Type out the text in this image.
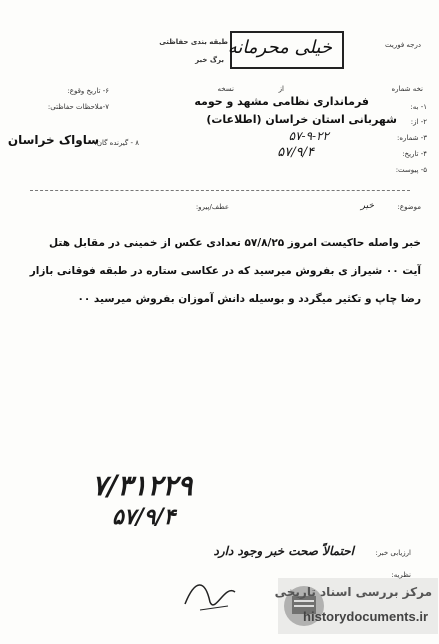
درجه فوریت
طبقه بندی حفاظتی
برگ خبر
خیلی محرمانه
نخه شماره
از
نسخه
۱- به:
فرمانداری نظامی مشهد و حومه
۲- از:
شهربانی استان خراسان (اطلاعات)
۳- شماره:
۵۷-۹-۲۲
۴- تاریخ:
۵۷/۹/۴
۵- پیوست:
۶- تاریخ وقوع:
۷-ملاحظات حفاظتی:
۸ - گیرنده گان:
ساواک خراسان
موضوع:
خبر
عطف/پیرو:
خبر واصله حاکیست امروز ۵۷/۸/۲۵ تعدادی عکس از خمینی در مقابل هتل
آیت ۰۰ شیراز ی بفروش میرسید که در عکاسی ستاره در طبقه فوقانی بازار
رضا چاپ و تکثیر میگردد و بوسیله دانش آموزان بفروش میرسید ۰۰
۷/۳۱۲۲۹
۵۷/۹/۴
ارزیابی خبر:
احتمالاً صحت خبر وجود دارد
نظریه:
مرکز بررسی اسناد تاریخی
historydocuments.ir
